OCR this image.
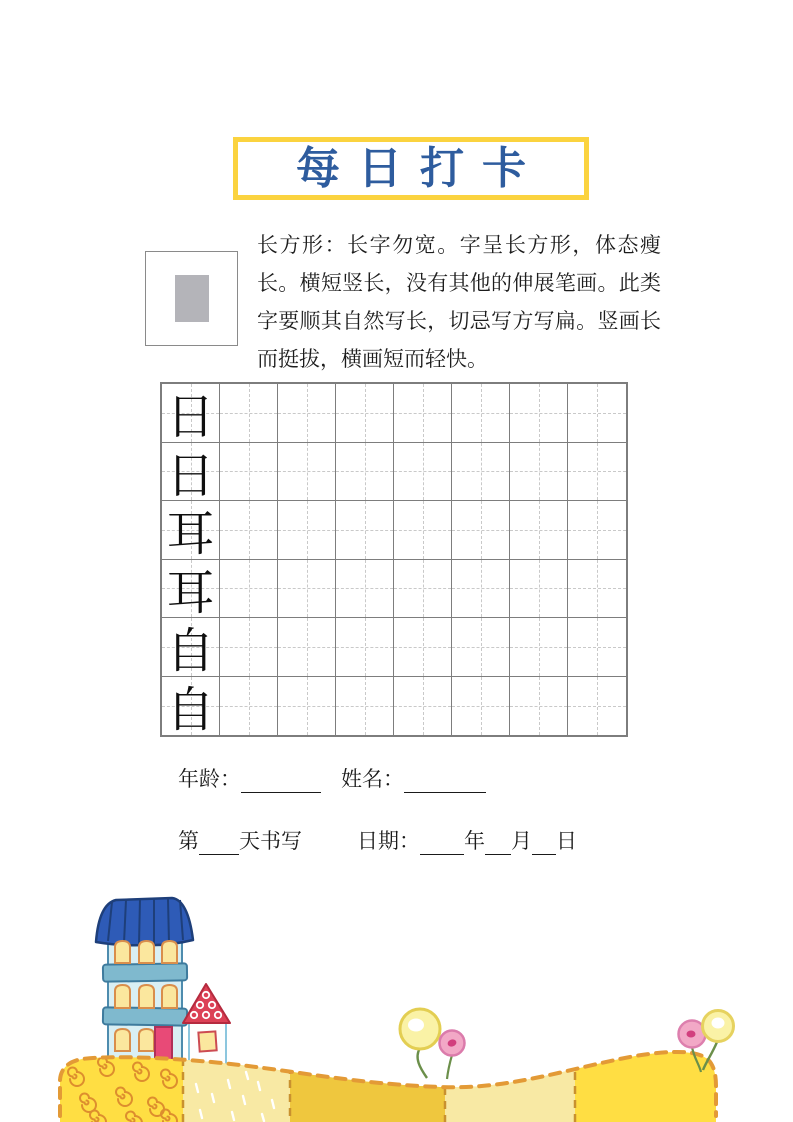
每日打卡
长方形：长字勿宽。字呈长方形，体态瘦长。横短竖长，没有其他的伸展笔画。此类字要顺其自然写长，切忌写方写扁。竖画长而挺拔，横画短而轻快。
日
日
耳
耳
自
自
年龄：	姓名：
第 天书写	日期： 年 月 日
